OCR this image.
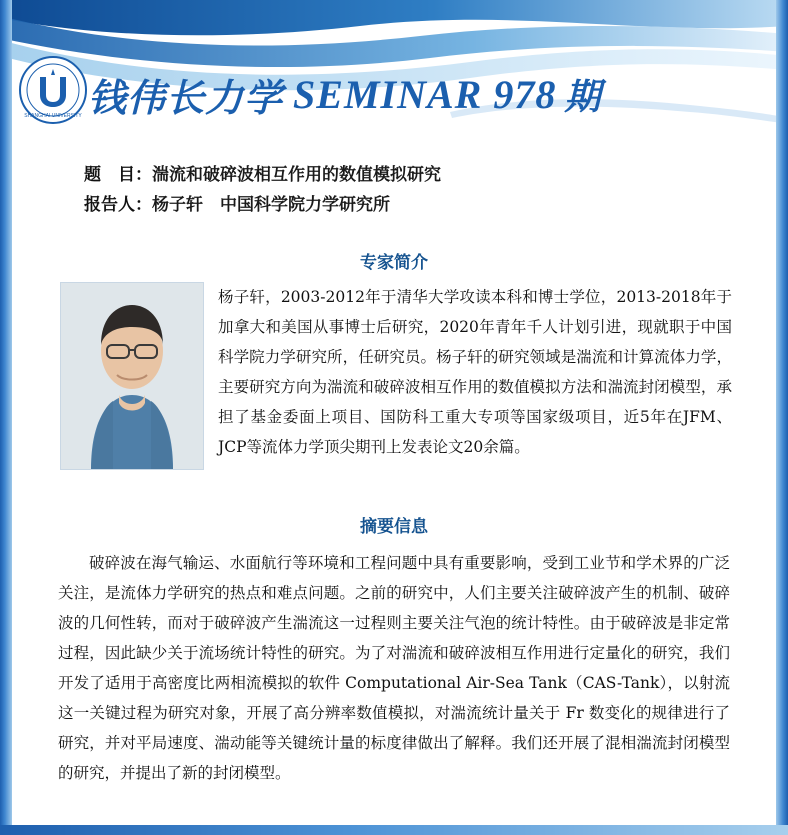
SHANGHAI UNIVERSITY 钱伟长力学 SEMINAR 978 期
题　目：湍流和破碎波相互作用的数值模拟研究
报告人：杨子轩　中国科学院力学研究所
专家简介
杨子轩，2003-2012年于清华大学攻读本科和博士学位，2013-2018年于加拿大和美国从事博士后研究，2020年青年千人计划引进，现就职于中国科学院力学研究所，任研究员。杨子轩的研究领域是湍流和计算流体力学，主要研究方向为湍流和破碎波相互作用的数值模拟方法和湍流封闭模型，承担了基金委面上项目、国防科工重大专项等国家级项目，近5年在JFM、JCP等流体力学顶尖期刊上发表论文20余篇。
摘要信息
破碎波在海气输运、水面航行等环境和工程问题中具有重要影响，受到工业节和学术界的广泛关注，是流体力学研究的热点和难点问题。之前的研究中，人们主要关注破碎波产生的机制、破碎波的几何性转，而对于破碎波产生湍流这一过程则主要关注气泡的统计特性。由于破碎波是非定常过程，因此缺少关于流场统计特性的研究。为了对湍流和破碎波相互作用进行定量化的研究，我们开发了适用于高密度比两相流模拟的软件 Computational Air-Sea Tank（CAS-Tank），以射流这一关键过程为研究对象，开展了高分辨率数值模拟，对湍流统计量关于 Fr 数变化的规律进行了研究，并对平局速度、湍动能等关键统计量的标度律做出了解释。我们还开展了混相湍流封闭模型的研究，并提出了新的封闭模型。
